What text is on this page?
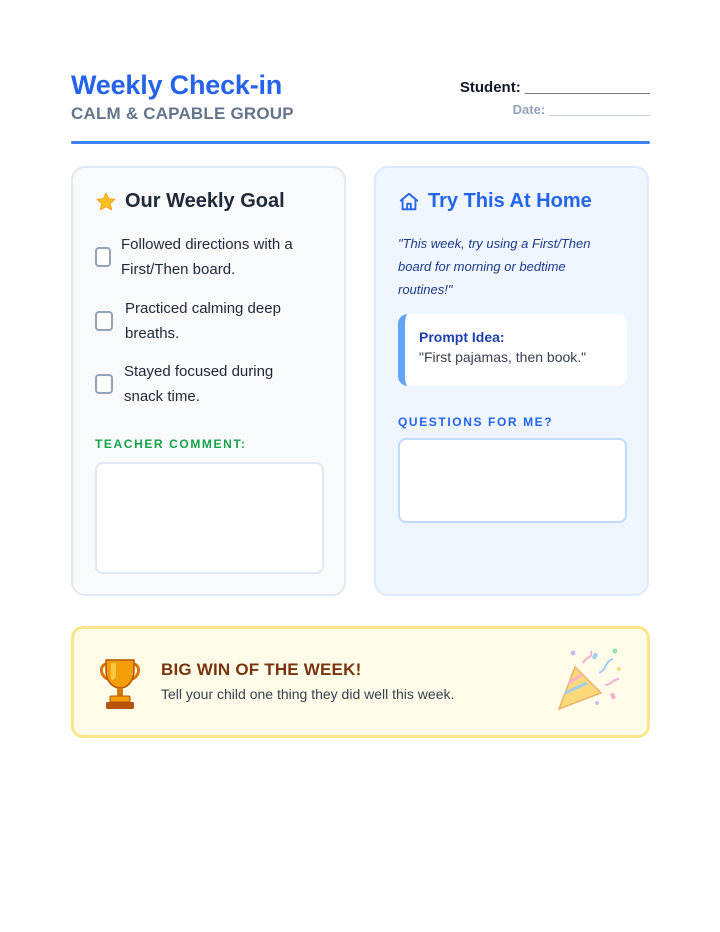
Weekly Check-in
CALM & CAPABLE GROUP
Student: _______________
Date: ______________
Our Weekly Goal
Followed directions with a
First/Then board.
Practiced calming deep
breaths.
Stayed focused during
snack time.
TEACHER COMMENT:
Try This At Home
"This week, try using a First/Then
board for morning or bedtime
routines!"
Prompt Idea:
"First pajamas, then book."
QUESTIONS FOR ME?
BIG WIN OF THE WEEK!
Tell your child one thing they did well this week.
